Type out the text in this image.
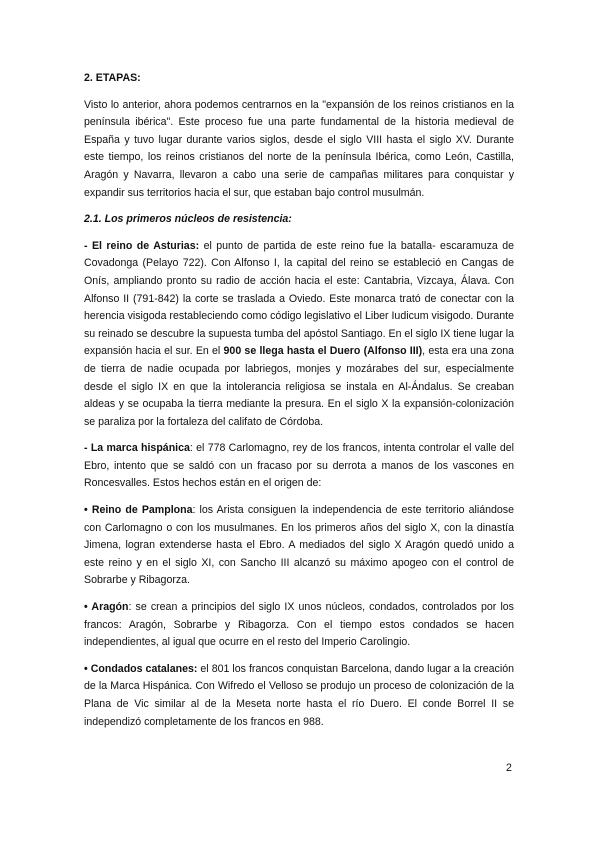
2. ETAPAS:

Visto lo anterior, ahora podemos centrarnos en la "expansión de los reinos cristianos en la península ibérica". Este proceso fue una parte fundamental de la historia medieval de España y tuvo lugar durante varios siglos, desde el siglo VIII hasta el siglo XV. Durante este tiempo, los reinos cristianos del norte de la península Ibérica, como León, Castilla, Aragón y Navarra, llevaron a cabo una serie de campañas militares para conquistar y expandir sus territorios hacia el sur, que estaban bajo control musulmán.

2.1. Los primeros núcleos de resistencia:

- El reino de Asturias: el punto de partida de este reino fue la batalla- escaramuza de Covadonga (Pelayo 722). Con Alfonso I, la capital del reino se estableció en Cangas de Onís, ampliando pronto su radio de acción hacia el este: Cantabria, Vizcaya, Álava. Con Alfonso II (791-842) la corte se traslada a Oviedo. Este monarca trató de conectar con la herencia visigoda restableciendo como código legislativo el Liber Iudicum visigodo. Durante su reinado se descubre la supuesta tumba del apóstol Santiago. En el siglo IX tiene lugar la expansión hacia el sur. En el 900 se llega hasta el Duero (Alfonso III), esta era una zona de tierra de nadie ocupada por labriegos, monjes y mozárabes del sur, especialmente desde el siglo IX en que la intolerancia religiosa se instala en Al-Ándalus. Se creaban aldeas y se ocupaba la tierra mediante la presura. En el siglo X la expansión-colonización se paraliza por la fortaleza del califato de Córdoba.

- La marca hispánica: el 778 Carlomagno, rey de los francos, intenta controlar el valle del Ebro, intento que se saldó con un fracaso por su derrota a manos de los vascones en Roncesvalles. Estos hechos están en el origen de:

• Reino de Pamplona: los Arista consiguen la independencia de este territorio aliándose con Carlomagno o con los musulmanes. En los primeros años del siglo X, con la dinastía Jimena, logran extenderse hasta el Ebro. A mediados del siglo X Aragón quedó unido a este reino y en el siglo XI, con Sancho III alcanzó su máximo apogeo con el control de Sobrarbe y Ribagorza.

• Aragón: se crean a principios del siglo IX unos núcleos, condados, controlados por los francos: Aragón, Sobrarbe y Ribagorza. Con el tiempo estos condados se hacen independientes, al igual que ocurre en el resto del Imperio Carolingio.

• Condados catalanes: el 801 los francos conquistan Barcelona, dando lugar a la creación de la Marca Hispánica. Con Wifredo el Velloso se produjo un proceso de colonización de la Plana de Vic similar al de la Meseta norte hasta el río Duero. El conde Borrel II se independizó completamente de los francos en 988.

2
